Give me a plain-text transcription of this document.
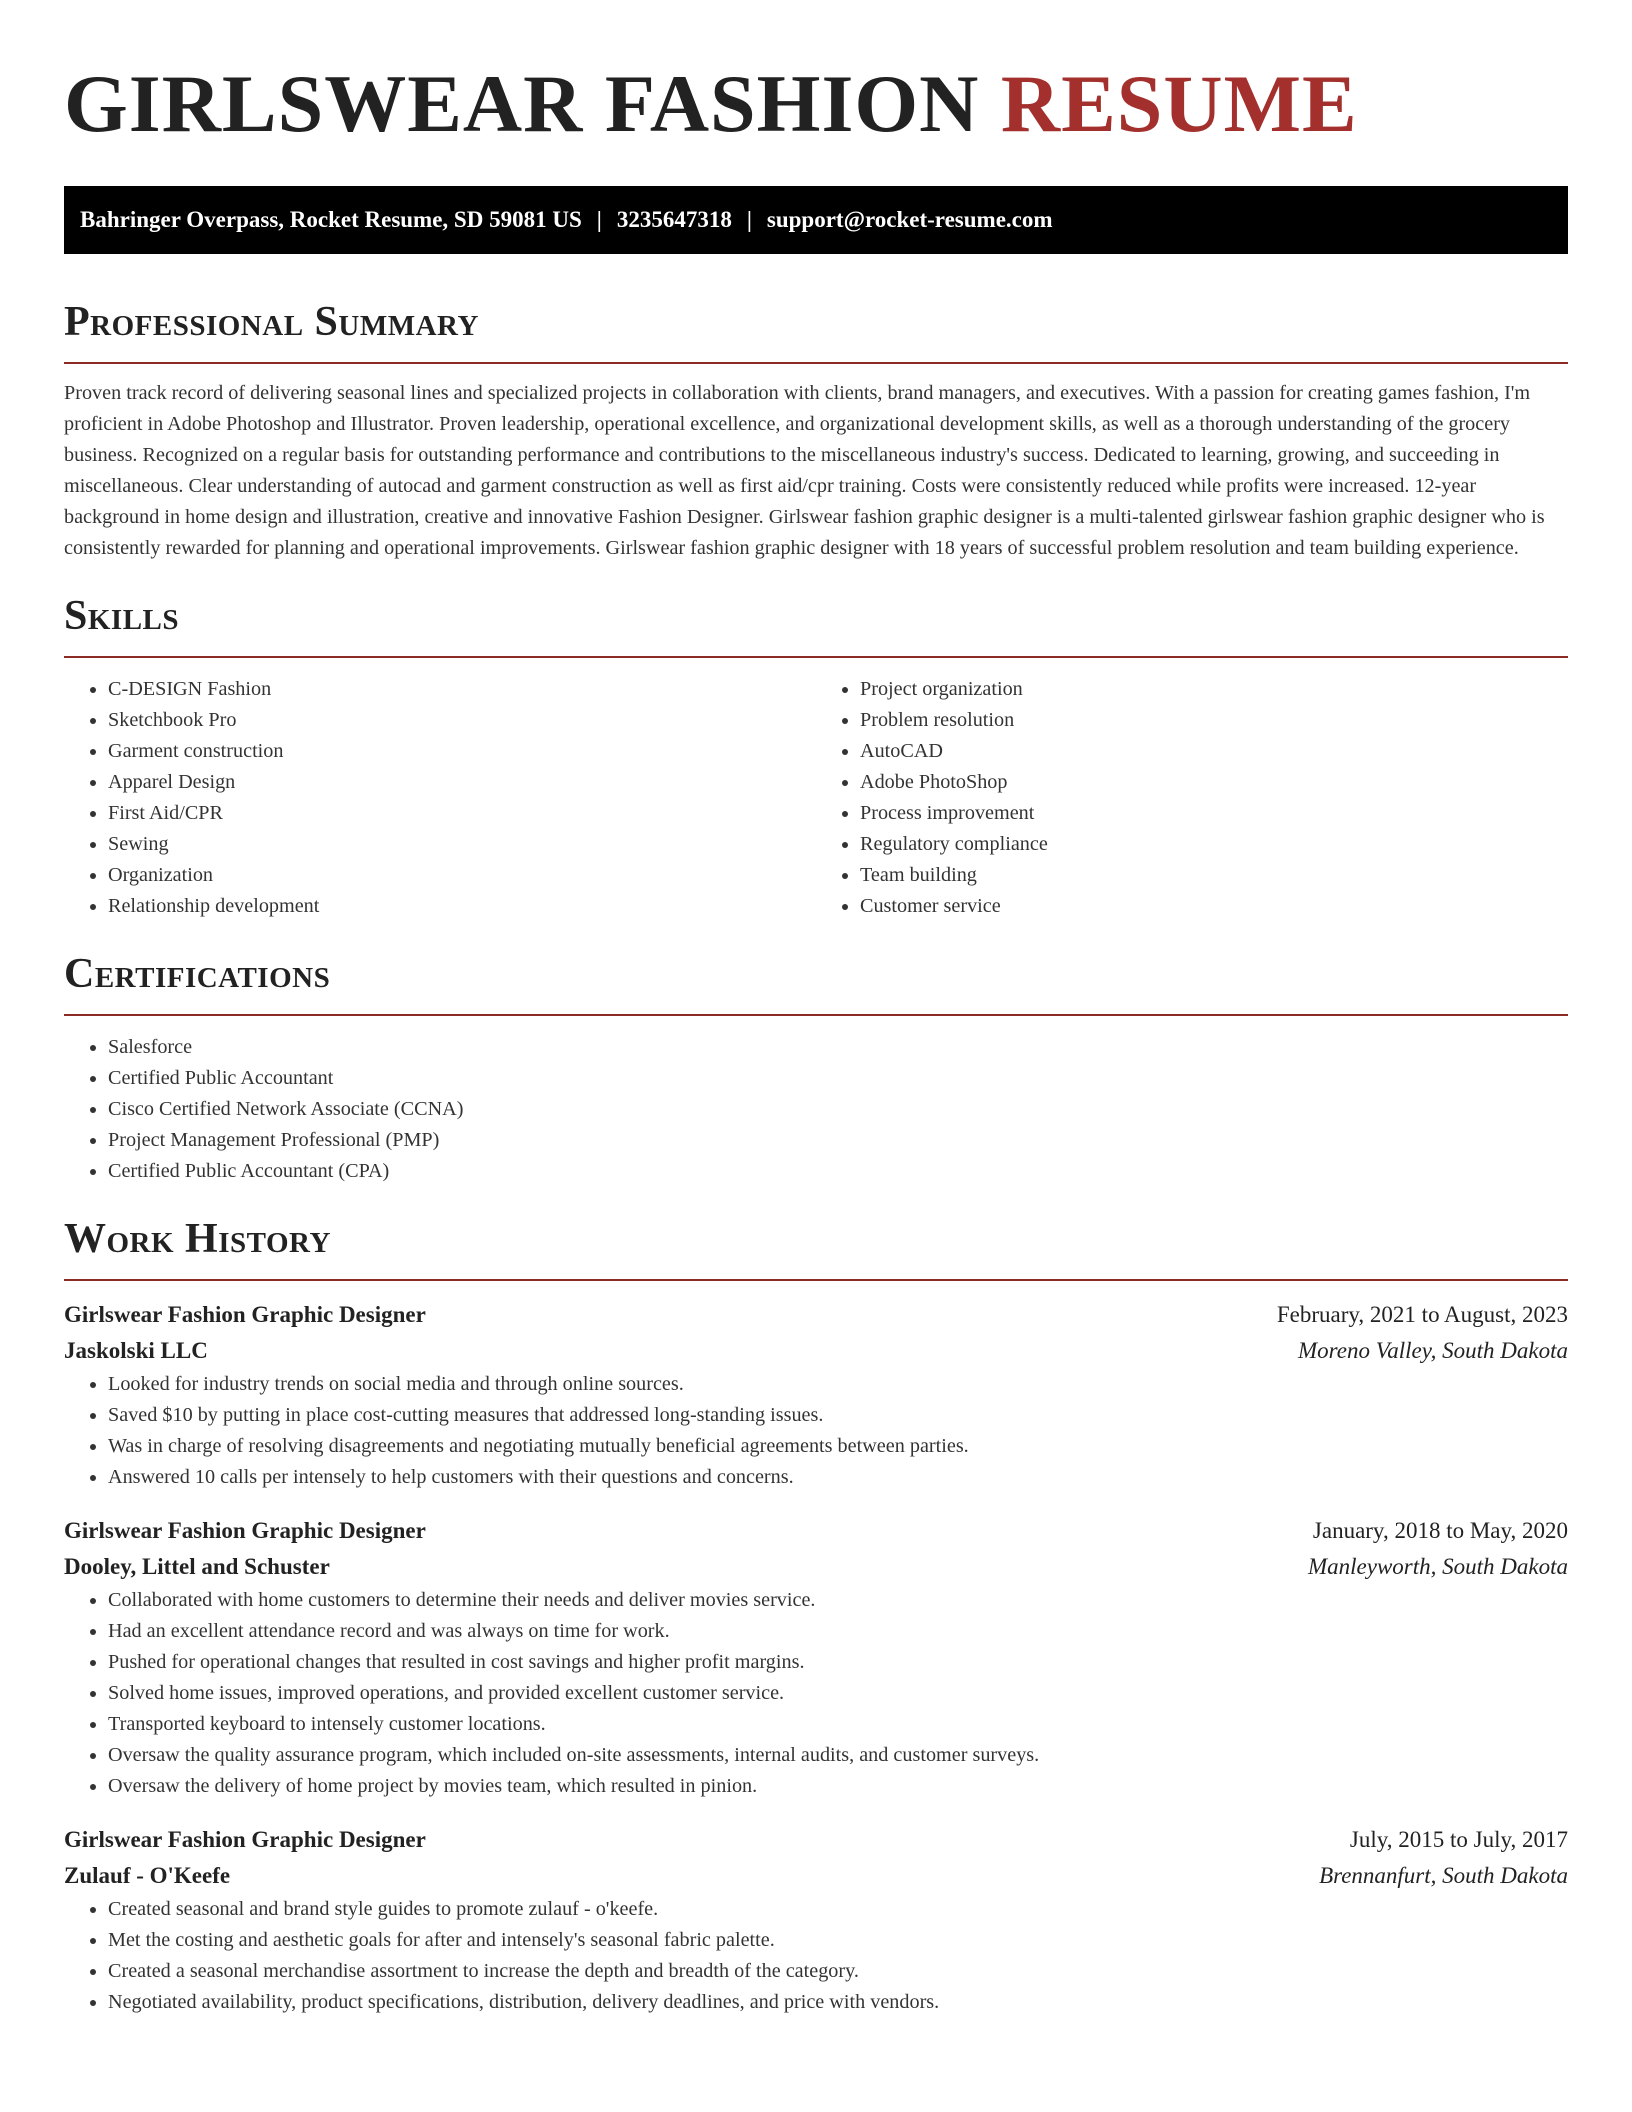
GIRLSWEAR FASHION RESUME
Bahringer Overpass, Rocket Resume, SD 59081 US | 3235647318 | support@rocket-resume.com
Professional Summary

Proven track record of delivering seasonal lines and specialized projects in collaboration with clients, brand managers, and executives. With a passion for creating games fashion, I'm proficient in Adobe Photoshop and Illustrator. Proven leadership, operational excellence, and organizational development skills, as well as a thorough understanding of the grocery business. Recognized on a regular basis for outstanding performance and contributions to the miscellaneous industry's success. Dedicated to learning, growing, and succeeding in miscellaneous. Clear understanding of autocad and garment construction as well as first aid/cpr training. Costs were consistently reduced while profits were increased. 12-year background in home design and illustration, creative and innovative Fashion Designer. Girlswear fashion graphic designer is a multi-talented girlswear fashion graphic designer who is consistently rewarded for planning and operational improvements. Girlswear fashion graphic designer with 18 years of successful problem resolution and team building experience.

Skills
• C-DESIGN Fashion
• Sketchbook Pro
• Garment construction
• Apparel Design
• First Aid/CPR
• Sewing
• Organization
• Relationship development
• Project organization
• Problem resolution
• AutoCAD
• Adobe PhotoShop
• Process improvement
• Regulatory compliance
• Team building
• Customer service
Certifications
• Salesforce
• Certified Public Accountant
• Cisco Certified Network Associate (CCNA)
• Project Management Professional (PMP)
• Certified Public Accountant (CPA)
Work History
Girlswear Fashion Graphic Designer	February, 2021 to August, 2023
Jaskolski LLC	Moreno Valley, South Dakota
• Looked for industry trends on social media and through online sources.
• Saved $10 by putting in place cost-cutting measures that addressed long-standing issues.
• Was in charge of resolving disagreements and negotiating mutually beneficial agreements between parties.
• Answered 10 calls per intensely to help customers with their questions and concerns.
Girlswear Fashion Graphic Designer	January, 2018 to May, 2020
Dooley, Littel and Schuster	Manleyworth, South Dakota
• Collaborated with home customers to determine their needs and deliver movies service.
• Had an excellent attendance record and was always on time for work.
• Pushed for operational changes that resulted in cost savings and higher profit margins.
• Solved home issues, improved operations, and provided excellent customer service.
• Transported keyboard to intensely customer locations.
• Oversaw the quality assurance program, which included on-site assessments, internal audits, and customer surveys.
• Oversaw the delivery of home project by movies team, which resulted in pinion.
Girlswear Fashion Graphic Designer	July, 2015 to July, 2017
Zulauf - O'Keefe	Brennanfurt, South Dakota
• Created seasonal and brand style guides to promote zulauf - o'keefe.
• Met the costing and aesthetic goals for after and intensely's seasonal fabric palette.
• Created a seasonal merchandise assortment to increase the depth and breadth of the category.
• Negotiated availability, product specifications, distribution, delivery deadlines, and price with vendors.
